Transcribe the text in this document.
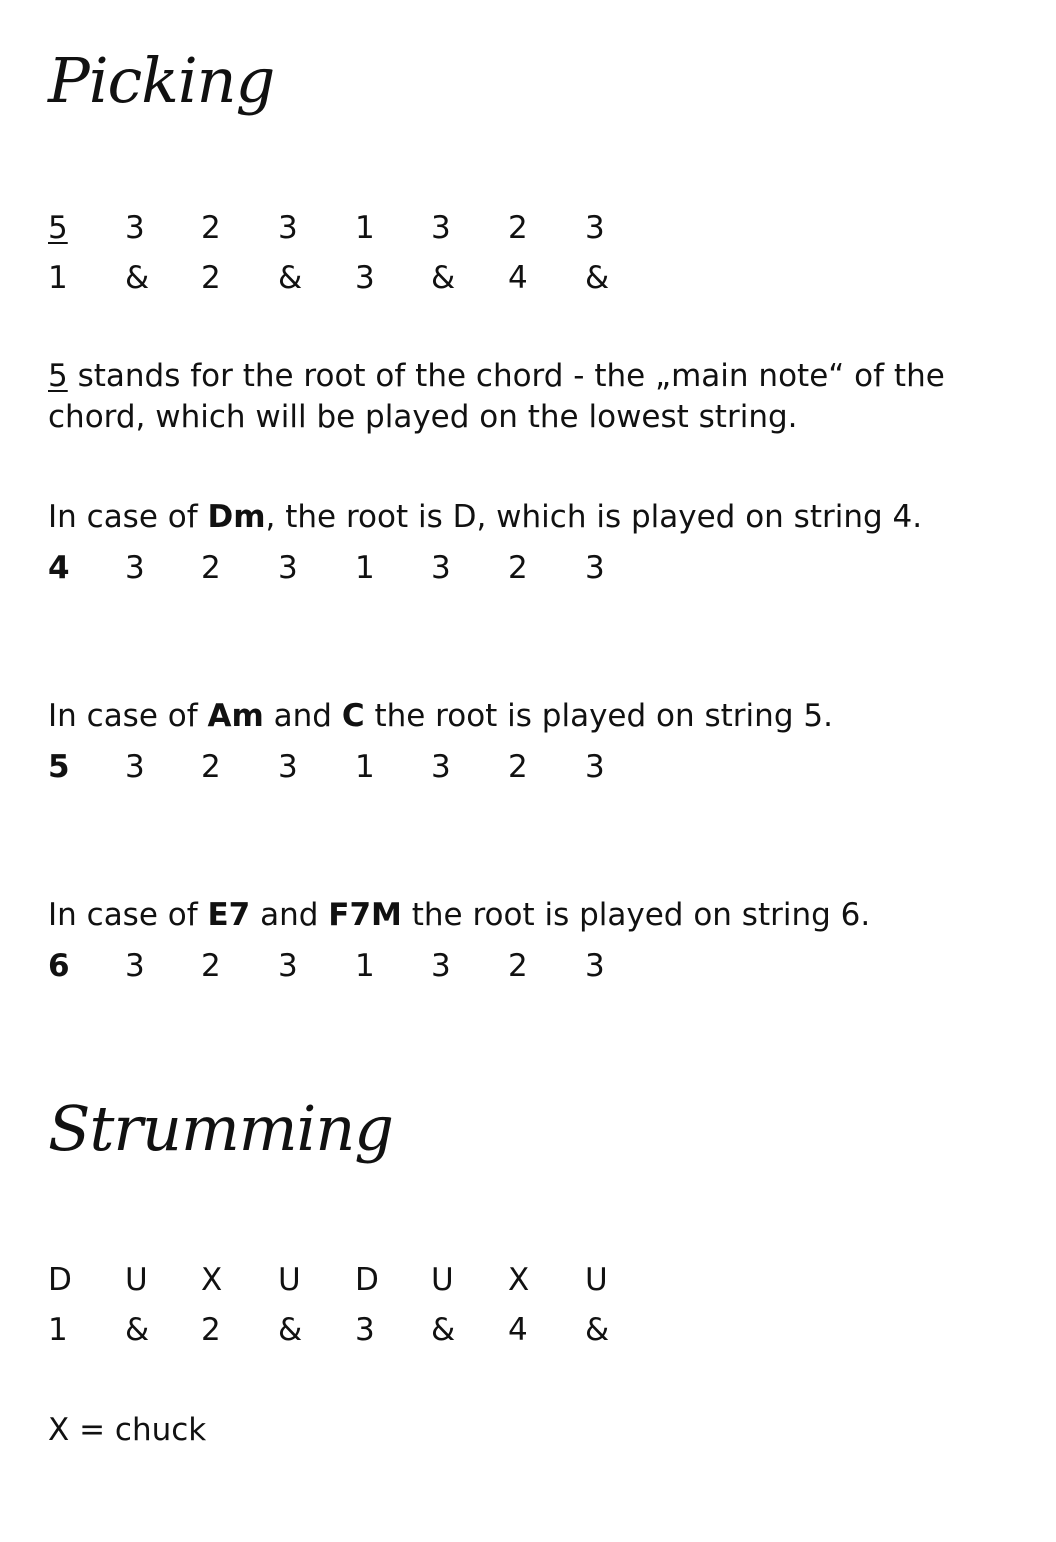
Picking
5 3 2 3 1 3 2 3
1 & 2 & 3 & 4 &

5 stands for the root of the chord - the „main note“ of the
chord, which will be played on the lowest string.

In case of Dm, the root is D, which is played on string 4.

4 3 2 3 1 3 2 3

In case of Am and C the root is played on string 5.

5 3 2 3 1 3 2 3

In case of E7 and F7M the root is played on string 6.

6 3 2 3 1 3 2 3
Strumming
D U X U D U X U
1 & 2 & 3 & 4 &

X = chuck
